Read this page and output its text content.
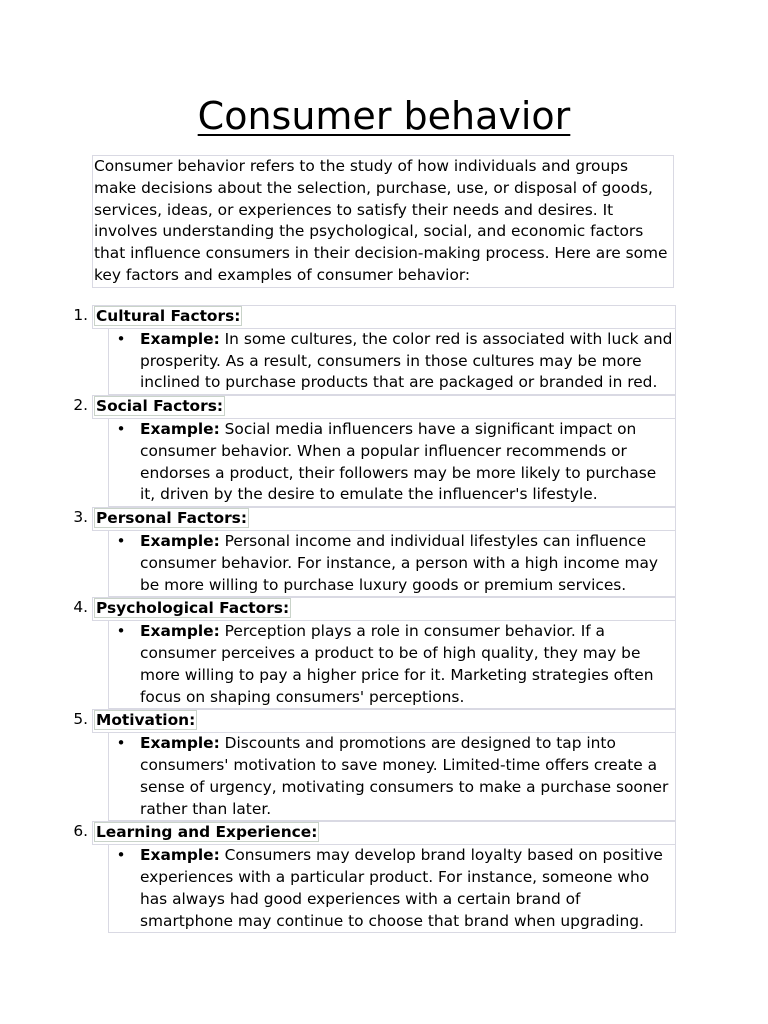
Consumer behavior
Consumer behavior refers to the study of how individuals and groups make decisions about the selection, purchase, use, or disposal of goods, services, ideas, or experiences to satisfy their needs and desires. It involves understanding the psychological, social, and economic factors that influence consumers in their decision-making process. Here are some key factors and examples of consumer behavior:
1. Cultural Factors:
• Example: In some cultures, the color red is associated with luck and prosperity. As a result, consumers in those cultures may be more inclined to purchase products that are packaged or branded in red.
2. Social Factors:
• Example: Social media influencers have a significant impact on consumer behavior. When a popular influencer recommends or endorses a product, their followers may be more likely to purchase it, driven by the desire to emulate the influencer's lifestyle.
3. Personal Factors:
• Example: Personal income and individual lifestyles can influence consumer behavior. For instance, a person with a high income may be more willing to purchase luxury goods or premium services.
4. Psychological Factors:
• Example: Perception plays a role in consumer behavior. If a consumer perceives a product to be of high quality, they may be more willing to pay a higher price for it. Marketing strategies often focus on shaping consumers' perceptions.
5. Motivation:
• Example: Discounts and promotions are designed to tap into consumers' motivation to save money. Limited-time offers create a sense of urgency, motivating consumers to make a purchase sooner rather than later.
6. Learning and Experience:
• Example: Consumers may develop brand loyalty based on positive experiences with a particular product. For instance, someone who has always had good experiences with a certain brand of smartphone may continue to choose that brand when upgrading.
